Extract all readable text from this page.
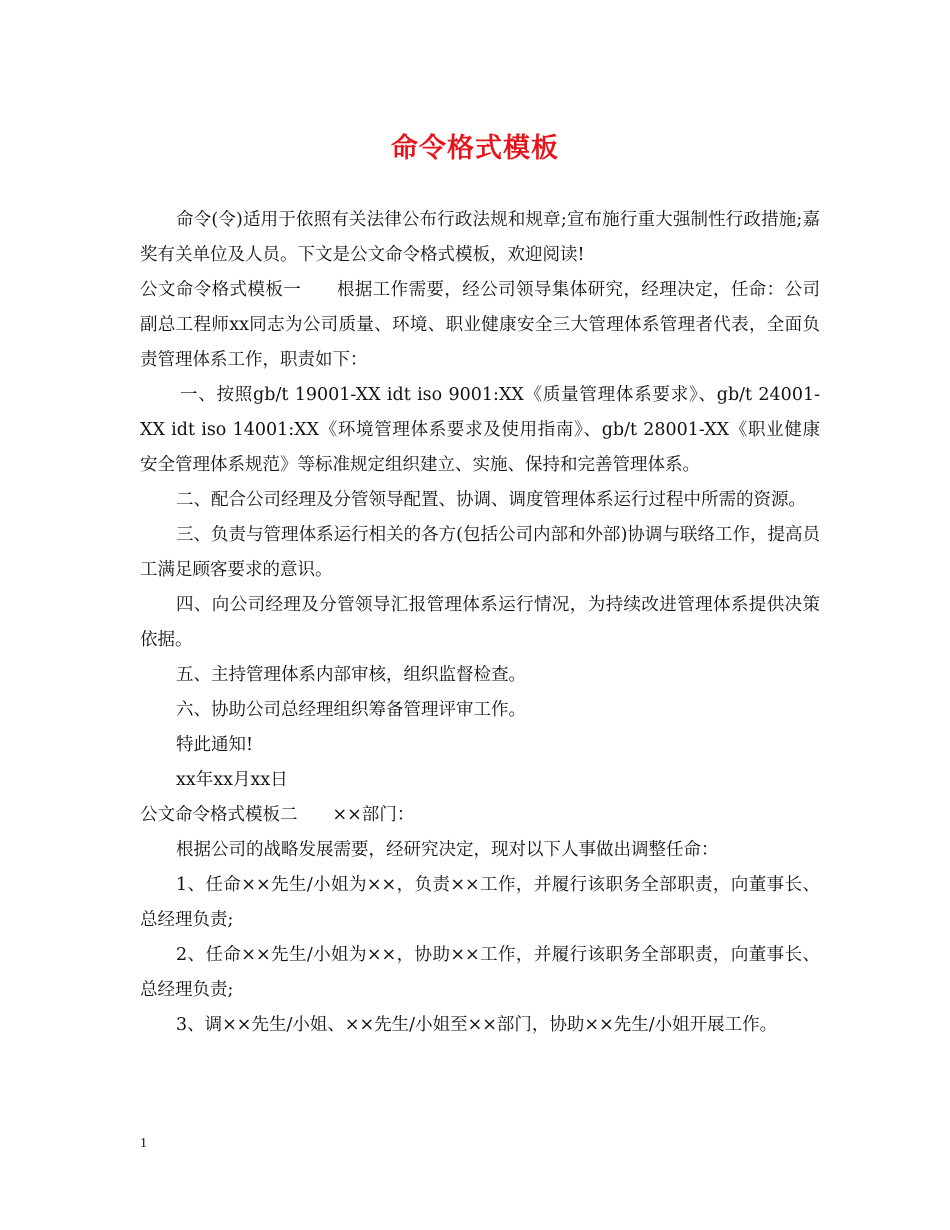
命令格式模板

命令(令)适用于依照有关法律公布行政法规和规章;宣布施行重大强制性行政措施;嘉奖有关单位及人员。下文是公文命令格式模板，欢迎阅读!

公文命令格式模板一　　根据工作需要，经公司领导集体研究，经理决定，任命：公司副总工程师xx同志为公司质量、环境、职业健康安全三大管理体系管理者代表，全面负责管理体系工作，职责如下：

一、按照gb/t 19001-XX idt iso 9001:XX《质量管理体系要求》、gb/t 24001-XX idt iso 14001:XX《环境管理体系要求及使用指南》、gb/t 28001-XX《职业健康安全管理体系规范》等标准规定组织建立、实施、保持和完善管理体系。

二、配合公司经理及分管领导配置、协调、调度管理体系运行过程中所需的资源。

三、负责与管理体系运行相关的各方(包括公司内部和外部)协调与联络工作，提高员工满足顾客要求的意识。

四、向公司经理及分管领导汇报管理体系运行情况，为持续改进管理体系提供决策依据。

五、主持管理体系内部审核，组织监督检查。

六、协助公司总经理组织筹备管理评审工作。

特此通知!

xx年xx月xx日

公文命令格式模板二　　××部门：

根据公司的战略发展需要，经研究决定，现对以下人事做出调整任命：

1、任命××先生/小姐为××，负责××工作，并履行该职务全部职责，向董事长、总经理负责;

2、任命××先生/小姐为××，协助××工作，并履行该职务全部职责，向董事长、总经理负责;

3、调××先生/小姐、××先生/小姐至××部门，协助××先生/小姐开展工作。

1
